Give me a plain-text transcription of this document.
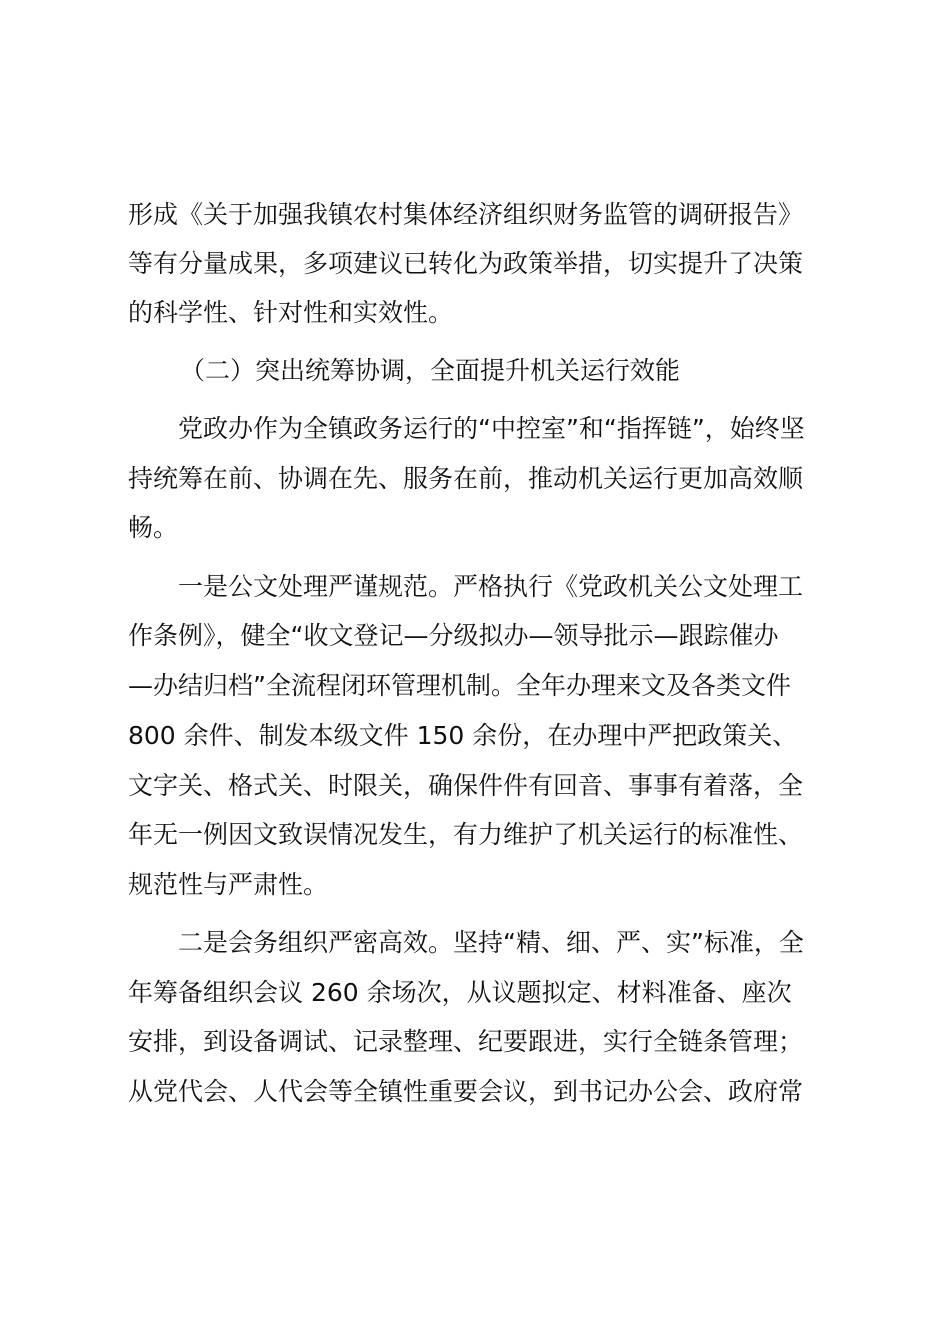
形成《关于加强我镇农村集体经济组织财务监管的调研报告》
等有分量成果，多项建议已转化为政策举措，切实提升了决策
的科学性、针对性和实效性。
（二）突出统筹协调，全面提升机关运行效能
党政办作为全镇政务运行的“中控室”和“指挥链”，始终坚
持统筹在前、协调在先、服务在前，推动机关运行更加高效顺
畅。
一是公文处理严谨规范。严格执行《党政机关公文处理工
作条例》，健全“收文登记—分级拟办—领导批示—跟踪催办
—办结归档”全流程闭环管理机制。全年办理来文及各类文件
800 余件、制发本级文件 150 余份，在办理中严把政策关、
文字关、格式关、时限关，确保件件有回音、事事有着落，全
年无一例因文致误情况发生，有力维护了机关运行的标准性、
规范性与严肃性。
二是会务组织严密高效。坚持“精、细、严、实”标准，全
年筹备组织会议 260 余场次，从议题拟定、材料准备、座次
安排，到设备调试、记录整理、纪要跟进，实行全链条管理；
从党代会、人代会等全镇性重要会议，到书记办公会、政府常
